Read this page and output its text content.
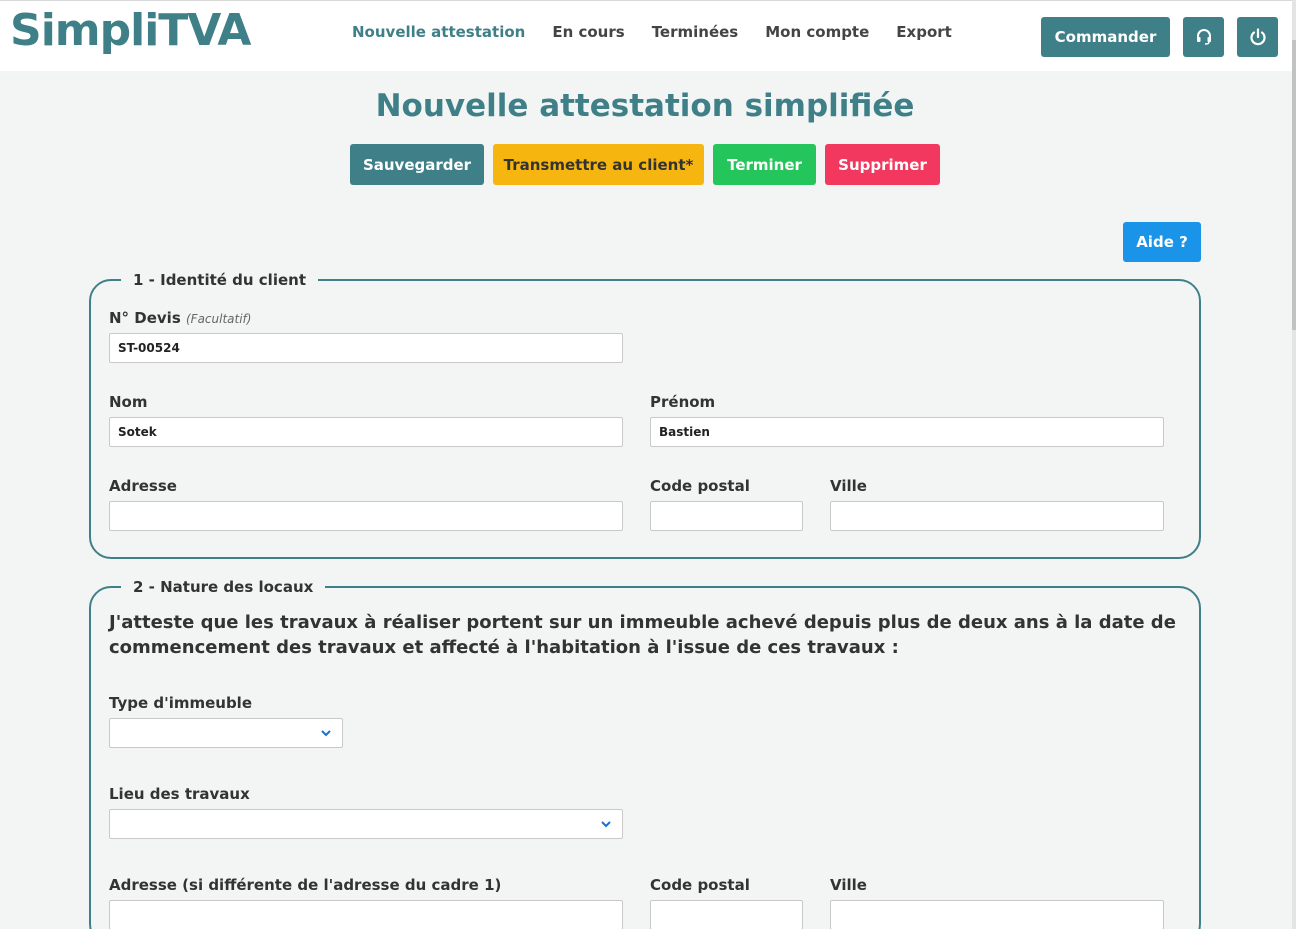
SimpliTVA	Nouvelle attestation En cours Terminées Mon compte Export	Commander
Nouvelle attestation simplifiée
Sauvegarder	Transmettre au client*	Terminer	Supprimer
Aide ?
1 - Identité du client
N° Devis (Facultatif)
ST-00524
Nom
Sotek
Prénom
Bastien
Adresse	Code postal	Ville
2 - Nature des locaux
J'atteste que les travaux à réaliser portent sur un immeuble achevé depuis plus de deux ans à la date de commencement des travaux et affecté à l'habitation à l'issue de ces travaux :
Type d'immeuble
Lieu des travaux
Adresse (si différente de l'adresse du cadre 1)	Code postal	Ville
